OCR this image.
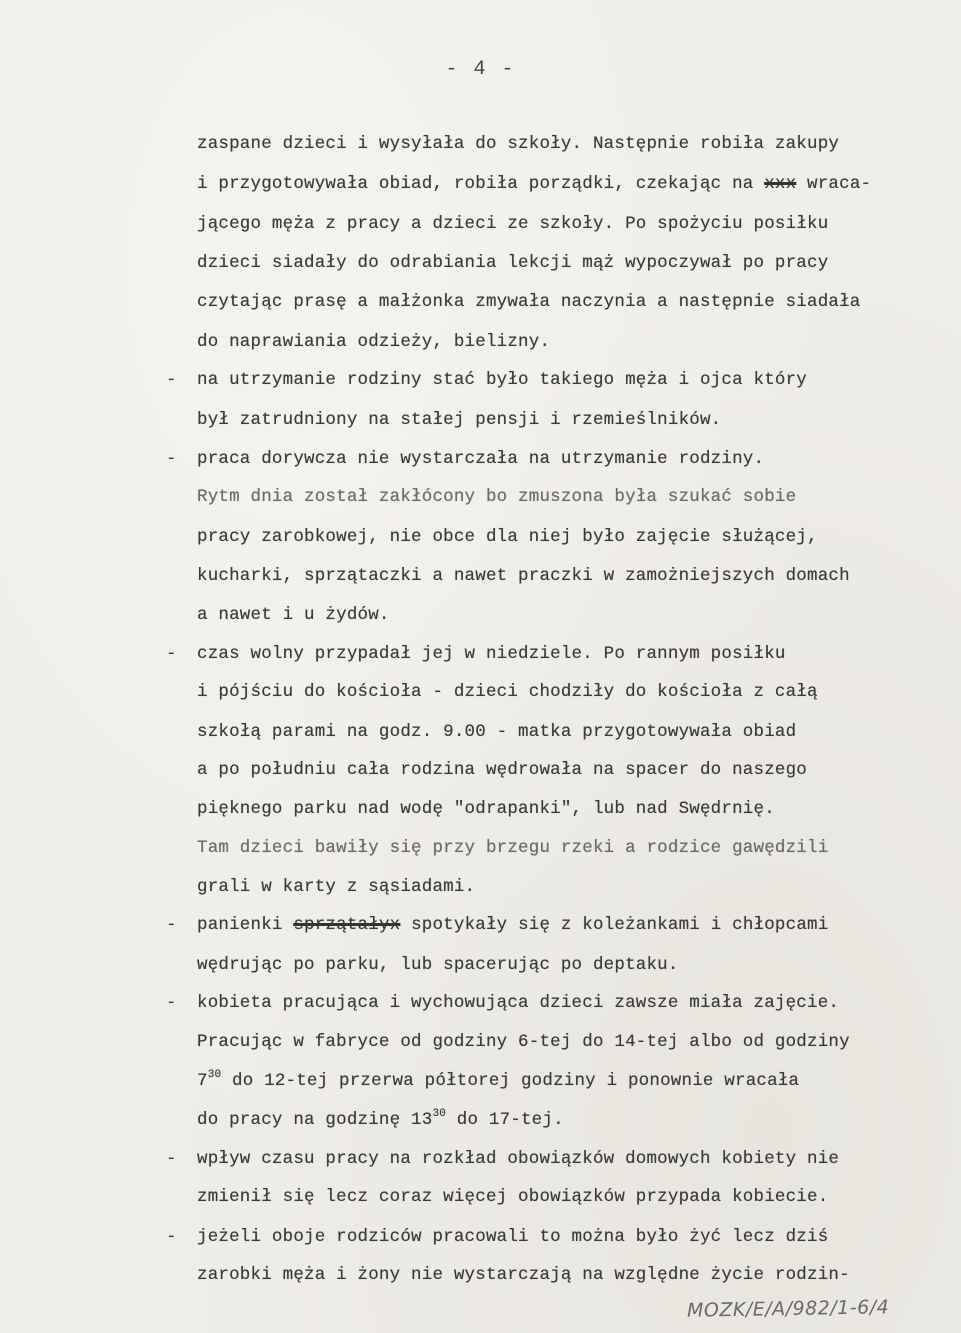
- 4 -
zaspane dzieci i wysyłała do szkoły. Następnie robiła zakupy
i przygotowywała obiad, robiła porządki, czekając na xxx wraca-
jącego męża z pracy a dzieci ze szkoły. Po spożyciu posiłku
dzieci siadały do odrabiania lekcji mąż wypoczywał po pracy
czytając prasę a małżonka zmywała naczynia a następnie siadała
do naprawiania odzieży, bielizny.
-	na utrzymanie rodziny stać było takiego męża i ojca który
był zatrudniony na stałej pensji i rzemieślników.
-	praca dorywcza nie wystarczała na utrzymanie rodziny.
Rytm dnia został zakłócony bo zmuszona była szukać sobie
pracy zarobkowej, nie obce dla niej było zajęcie służącej,
kucharki, sprzątaczki a nawet praczki w zamożniejszych domach
a nawet i u żydów.
-	czas wolny przypadał jej w niedziele. Po rannym posiłku
i pójściu do kościoła - dzieci chodziły do kościoła z całą
szkołą parami na godz. 9.00 - matka przygotowywała obiad
a po południu cała rodzina wędrowała na spacer do naszego
pięknego parku nad wodę "odrapanki", lub nad Swędrnię.
Tam dzieci bawiły się przy brzegu rzeki a rodzice gawędzili
grali w karty z sąsiadami.
-	panienki sprzątałyx spotykały się z koleżankami i chłopcami
wędrując po parku, lub spacerując po deptaku.
-	kobieta pracująca i wychowująca dzieci zawsze miała zajęcie.
Pracując w fabryce od godziny 6-tej do 14-tej albo od godziny
$7^{30}$ do 12-tej przerwa półtorej godziny i ponownie wracała
do pracy na godzinę $13^{30}$ do 17-tej.
-	wpływ czasu pracy na rozkład obowiązków domowych kobiety nie
zmienił się lecz coraz więcej obowiązków przypada kobiecie.
-	jeżeli oboje rodziców pracowali to można było żyć lecz dziś
zarobki męża i żony nie wystarczają na względne życie rodzin-
MOZK/E/A/982/1-6/4
